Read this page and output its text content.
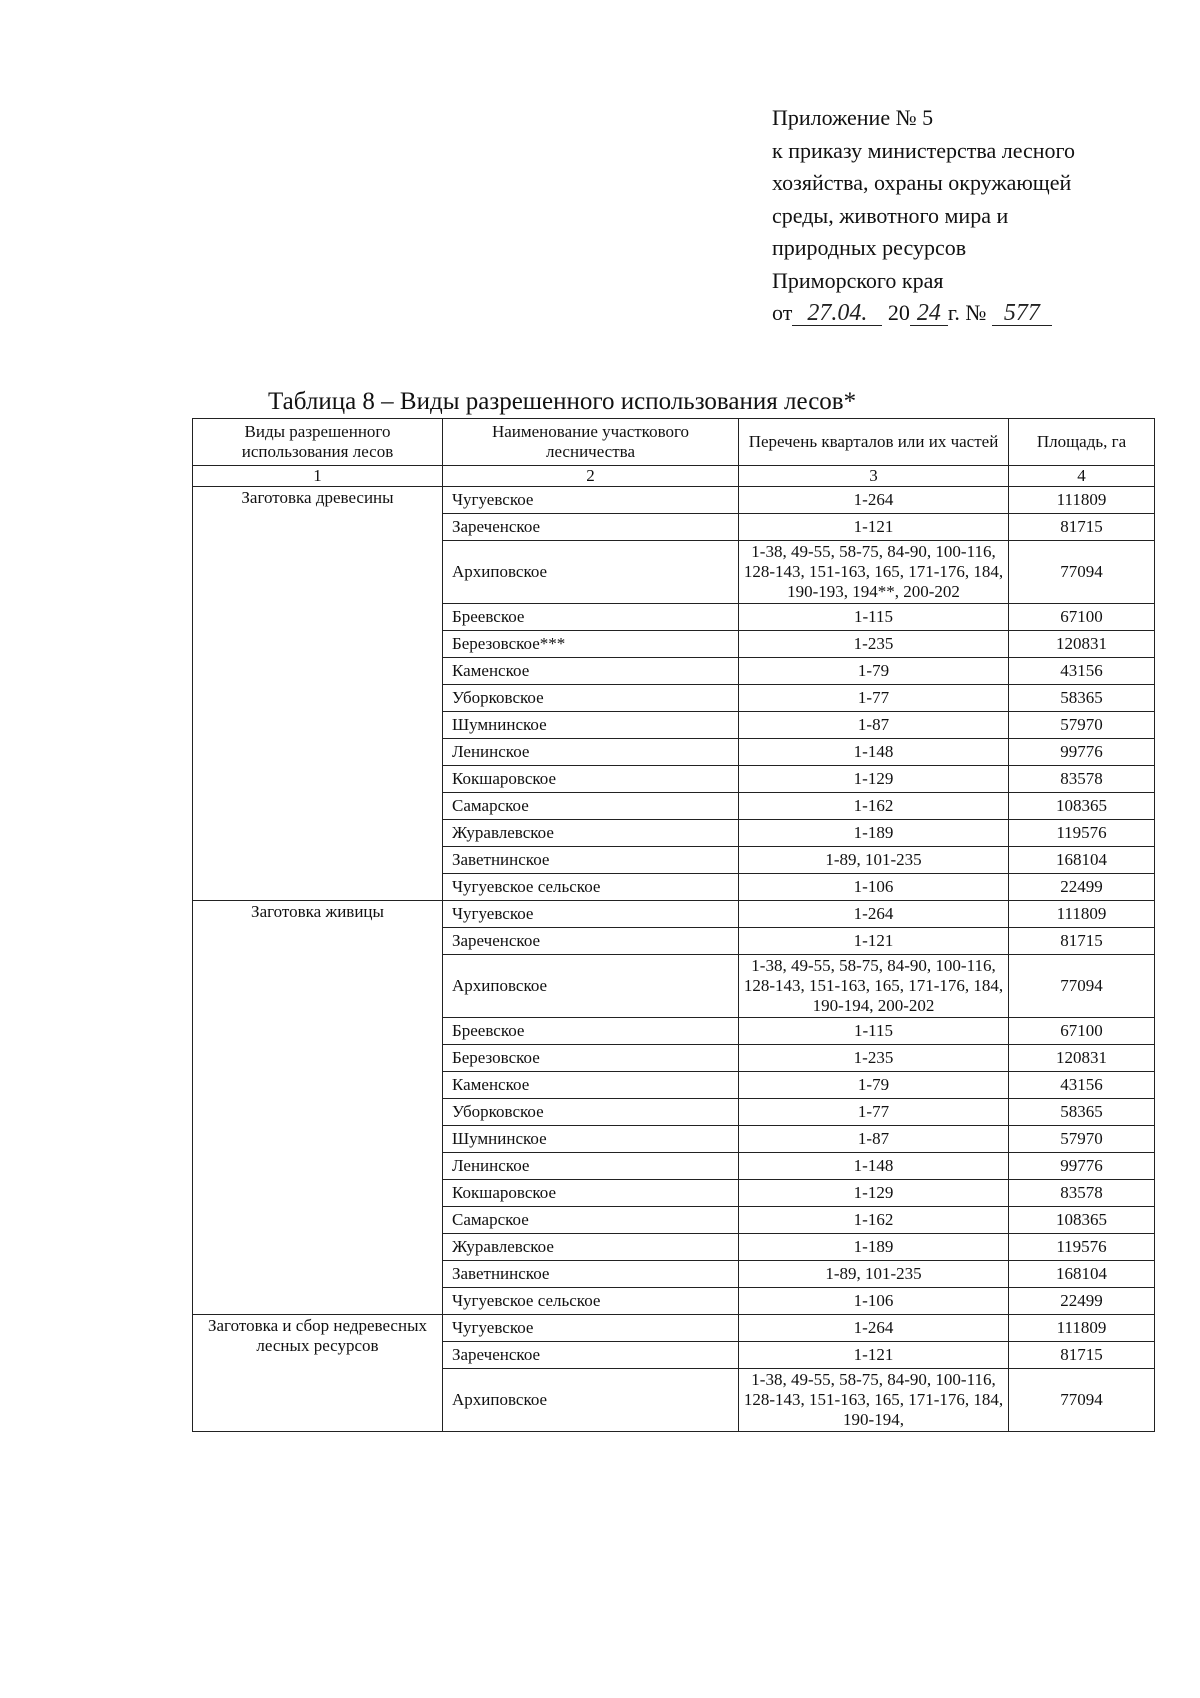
Приложение № 5
к приказу министерства лесного
хозяйства, охраны окружающей
среды, животного мира и
природных ресурсов
Приморского края
от 27.04. 20 24 г. № 577
Таблица 8 – Виды разрешенного использования лесов*
Виды разрешенного использования лесов	Наименование участкового лесничества	Перечень кварталов или их частей	Площадь, га
1	2	3	4
Заготовка древесины	Чугуевское	1-264	111809
	Зареченское	1-121	81715
	Архиповское	1-38, 49-55, 58-75, 84-90, 100-116, 128-143, 151-163, 165, 171-176, 184, 190-193, 194**, 200-202	77094
	Бреевское	1-115	67100
	Березовское***	1-235	120831
	Каменское	1-79	43156
	Уборковское	1-77	58365
	Шумнинское	1-87	57970
	Ленинское	1-148	99776
	Кокшаровское	1-129	83578
	Самарское	1-162	108365
	Журавлевское	1-189	119576
	Заветнинское	1-89, 101-235	168104
	Чугуевское сельское	1-106	22499
Заготовка живицы	Чугуевское	1-264	111809
	Зареченское	1-121	81715
	Архиповское	1-38, 49-55, 58-75, 84-90, 100-116, 128-143, 151-163, 165, 171-176, 184, 190-194, 200-202	77094
	Бреевское	1-115	67100
	Березовское	1-235	120831
	Каменское	1-79	43156
	Уборковское	1-77	58365
	Шумнинское	1-87	57970
	Ленинское	1-148	99776
	Кокшаровское	1-129	83578
	Самарское	1-162	108365
	Журавлевское	1-189	119576
	Заветнинское	1-89, 101-235	168104
	Чугуевское сельское	1-106	22499
Заготовка и сбор недревесных лесных ресурсов	Чугуевское	1-264	111809
	Зареченское	1-121	81715
	Архиповское	1-38, 49-55, 58-75, 84-90, 100-116, 128-143, 151-163, 165, 171-176, 184, 190-194,	77094
